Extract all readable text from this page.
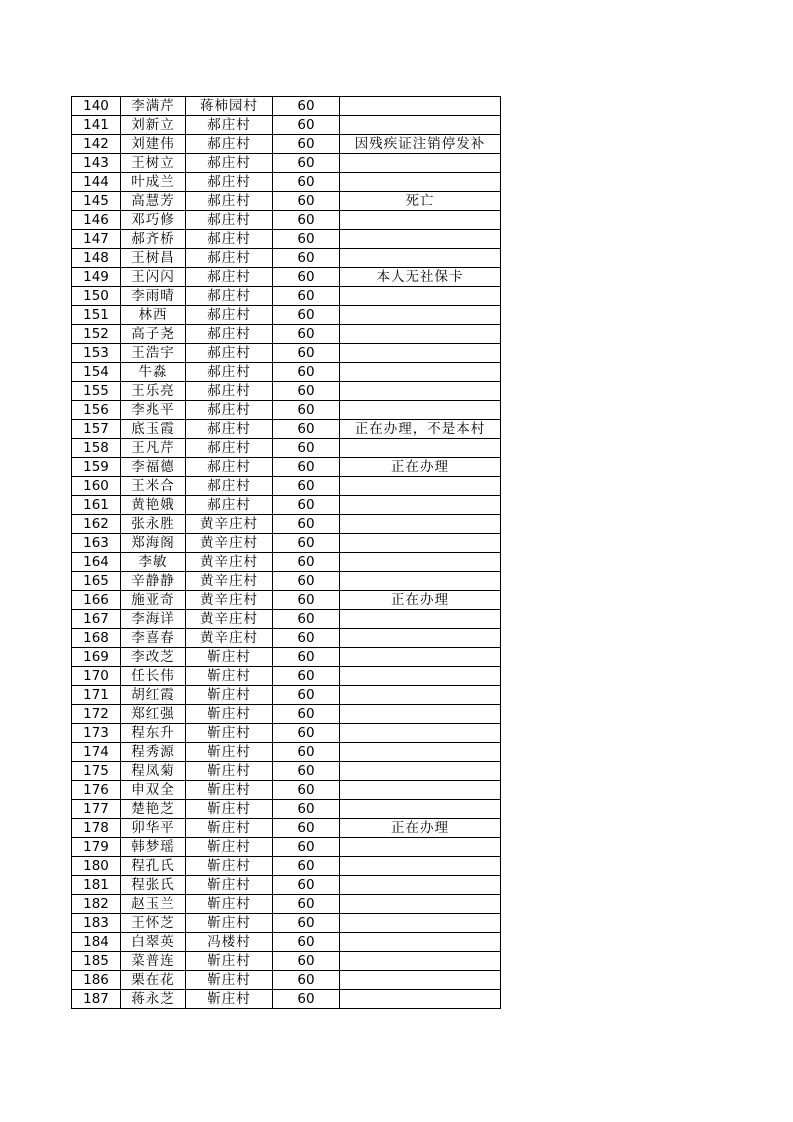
140	李满芹	蒋柿园村	60	
141	刘新立	郝庄村	60	
142	刘建伟	郝庄村	60	因残疾证注销停发补
143	王树立	郝庄村	60	
144	叶成兰	郝庄村	60	
145	高慧芳	郝庄村	60	死亡
146	邓巧修	郝庄村	60	
147	郝齐桥	郝庄村	60	
148	王树昌	郝庄村	60	
149	王闪闪	郝庄村	60	本人无社保卡
150	李雨晴	郝庄村	60	
151	林西	郝庄村	60	
152	高子尧	郝庄村	60	
153	王浩宇	郝庄村	60	
154	牛淼	郝庄村	60	
155	王乐亮	郝庄村	60	
156	李兆平	郝庄村	60	
157	底玉霞	郝庄村	60	正在办理，不是本村
158	王凡芹	郝庄村	60	
159	李福德	郝庄村	60	正在办理
160	王米合	郝庄村	60	
161	黄艳娥	郝庄村	60	
162	张永胜	黄辛庄村	60	
163	郑海阁	黄辛庄村	60	
164	李敏	黄辛庄村	60	
165	辛静静	黄辛庄村	60	
166	施亚奇	黄辛庄村	60	正在办理
167	李海详	黄辛庄村	60	
168	李喜春	黄辛庄村	60	
169	李改芝	靳庄村	60	
170	任长伟	靳庄村	60	
171	胡红霞	靳庄村	60	
172	郑红强	靳庄村	60	
173	程东升	靳庄村	60	
174	程秀源	靳庄村	60	
175	程凤菊	靳庄村	60	
176	申双全	靳庄村	60	
177	楚艳芝	靳庄村	60	
178	卯华平	靳庄村	60	正在办理
179	韩梦瑶	靳庄村	60	
180	程孔氏	靳庄村	60	
181	程张氏	靳庄村	60	
182	赵玉兰	靳庄村	60	
183	王怀芝	靳庄村	60	
184	白翠英	冯楼村	60	
185	菜普连	靳庄村	60	
186	栗在花	靳庄村	60	
187	蒋永芝	靳庄村	60	
